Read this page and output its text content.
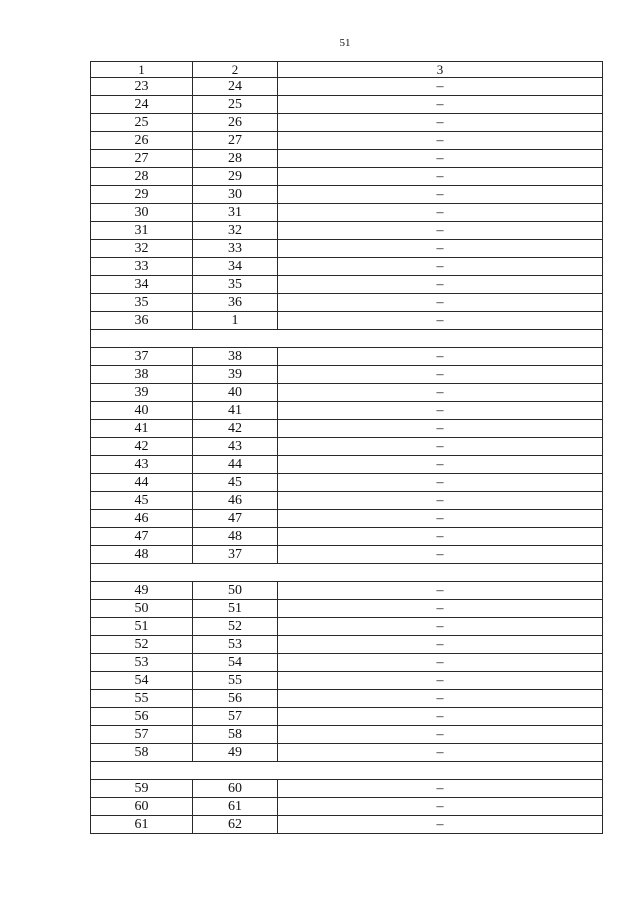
51
1	2	3
23	24	–
24	25	–
25	26	–
26	27	–
27	28	–
28	29	–
29	30	–
30	31	–
31	32	–
32	33	–
33	34	–
34	35	–
35	36	–
36	1	–

37	38	–
38	39	–
39	40	–
40	41	–
41	42	–
42	43	–
43	44	–
44	45	–
45	46	–
46	47	–
47	48	–
48	37	–

49	50	–
50	51	–
51	52	–
52	53	–
53	54	–
54	55	–
55	56	–
56	57	–
57	58	–
58	49	–

59	60	–
60	61	–
61	62	–
